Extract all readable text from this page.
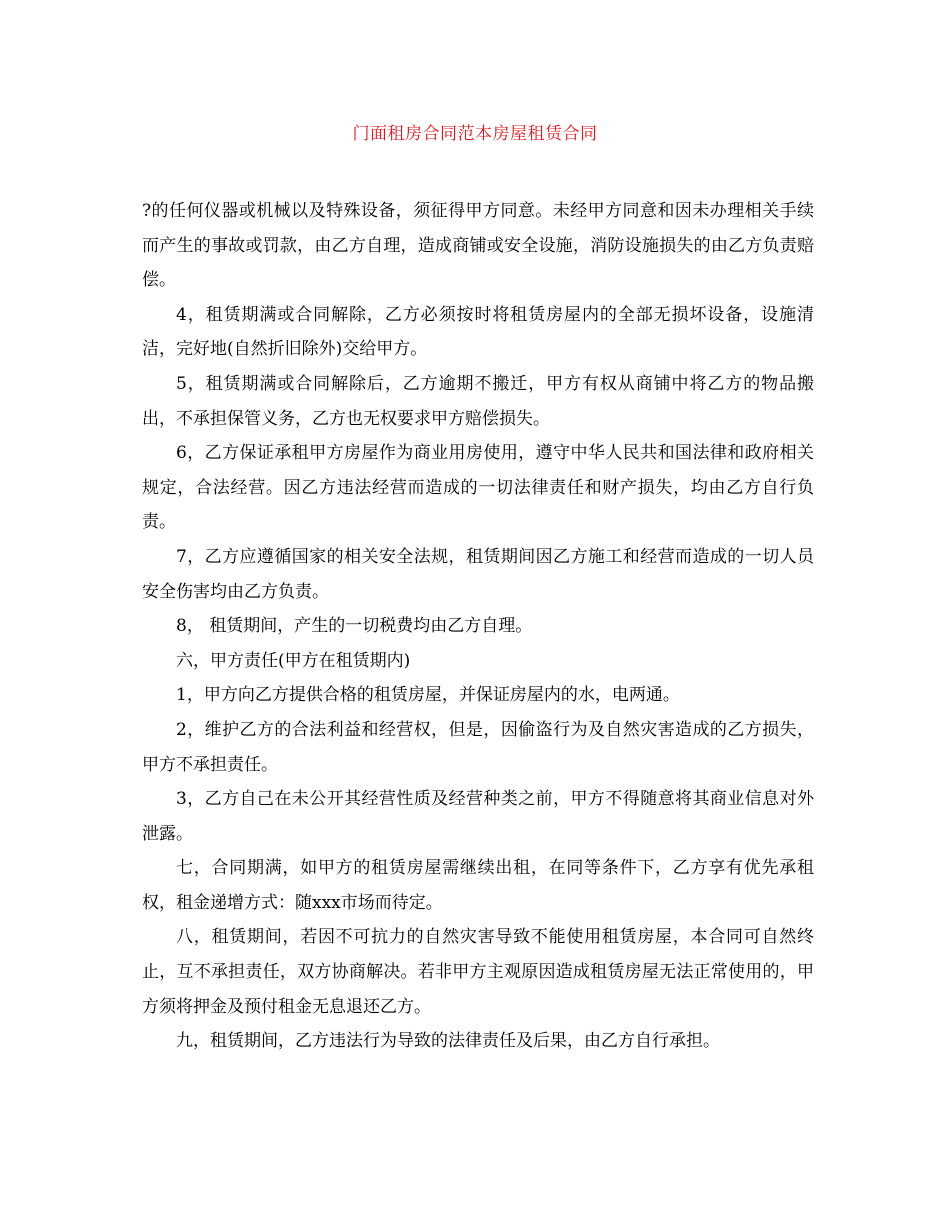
门面租房合同范本房屋租赁合同

?的任何仪器或机械以及特殊设备，须征得甲方同意。未经甲方同意和因未办理相关手续而产生的事故或罚款，由乙方自理，造成商铺或安全设施，消防设施损失的由乙方负责赔偿。

4，租赁期满或合同解除，乙方必须按时将租赁房屋内的全部无损坏设备，设施清洁，完好地(自然折旧除外)交给甲方。

5，租赁期满或合同解除后，乙方逾期不搬迁，甲方有权从商铺中将乙方的物品搬出，不承担保管义务，乙方也无权要求甲方赔偿损失。

6，乙方保证承租甲方房屋作为商业用房使用，遵守中华人民共和国法律和政府相关规定，合法经营。因乙方违法经营而造成的一切法律责任和财产损失，均由乙方自行负责。

7，乙方应遵循国家的相关安全法规，租赁期间因乙方施工和经营而造成的一切人员安全伤害均由乙方负责。

8， 租赁期间，产生的一切税费均由乙方自理。

六，甲方责任(甲方在租赁期内)

1，甲方向乙方提供合格的租赁房屋，并保证房屋内的水，电两通。

2，维护乙方的合法利益和经营权，但是，因偷盗行为及自然灾害造成的乙方损失，甲方不承担责任。

3，乙方自己在未公开其经营性质及经营种类之前，甲方不得随意将其商业信息对外泄露。

七，合同期满，如甲方的租赁房屋需继续出租，在同等条件下，乙方享有优先承租权，租金递增方式：随xxx市场而待定。

八，租赁期间，若因不可抗力的自然灾害导致不能使用租赁房屋，本合同可自然终止，互不承担责任，双方协商解决。若非甲方主观原因造成租赁房屋无法正常使用的，甲方须将押金及预付租金无息退还乙方。

九，租赁期间，乙方违法行为导致的法律责任及后果，由乙方自行承担。
